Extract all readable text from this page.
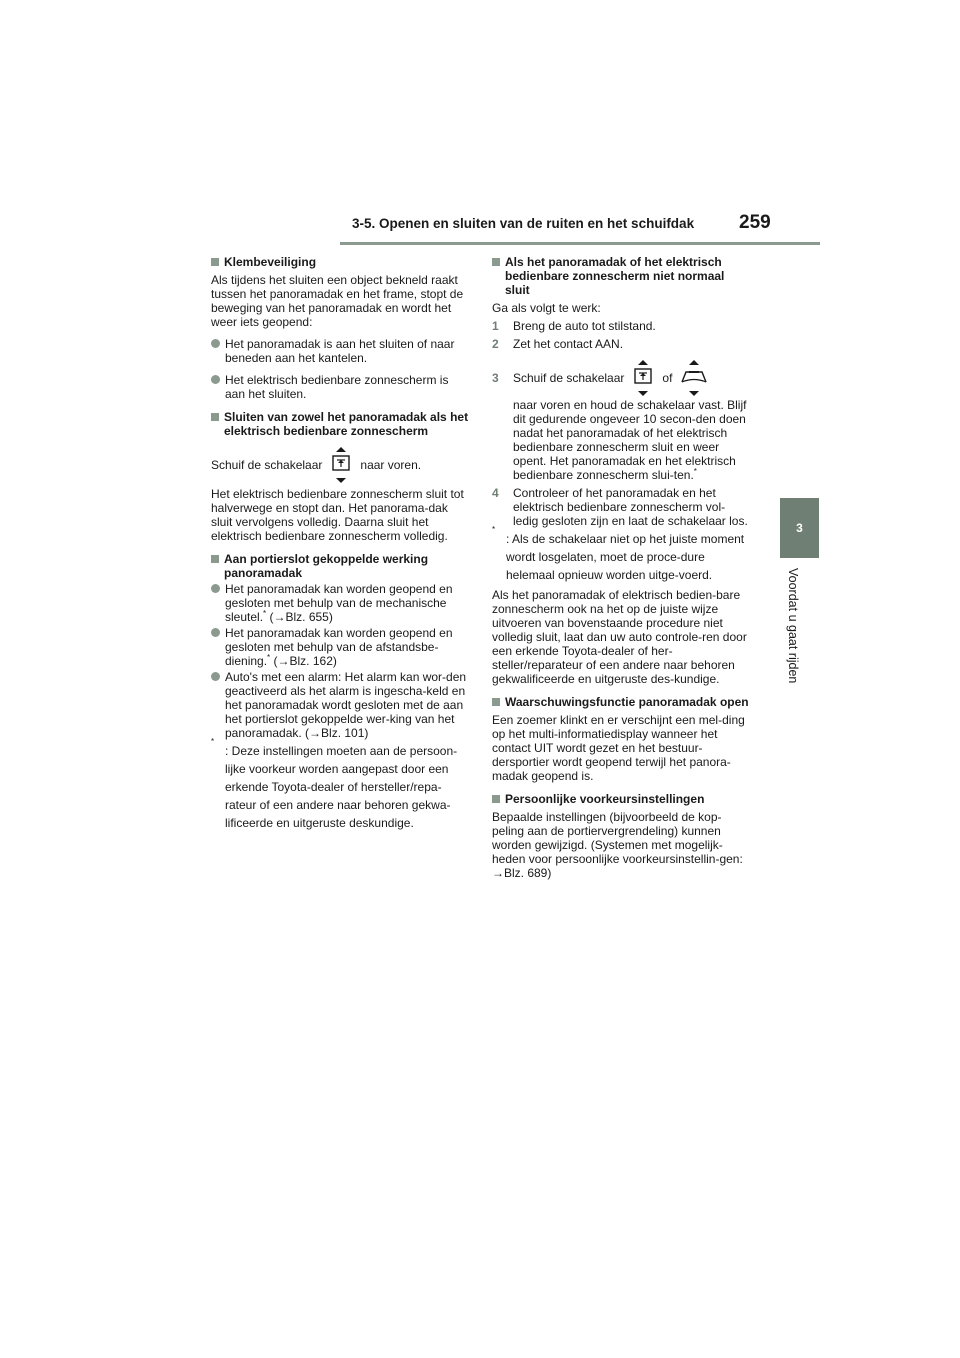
3-5. Openen en sluiten van de ruiten en het schuifdak 259
3
Voordat u gaat rijden
Klembeveiliging

Als tijdens het sluiten een object bekneld raakt tussen het panoramadak en het frame, stopt de beweging van het panoramadak en wordt het weer iets geopend:

Het panoramadak is aan het sluiten of naar beneden aan het kantelen.
Het elektrisch bedienbare zonnescherm is aan het sluiten.
Sluiten van zowel het panoramadak als het elektrisch bedienbare zonnescherm
Schuif de schakelaar	naar voren.

Het elektrisch bedienbare zonnescherm sluit tot halverwege en stopt dan. Het panorama-dak sluit vervolgens volledig. Daarna sluit het elektrisch bedienbare zonnescherm volledig.

Aan portierslot gekoppelde werking panoramadak
Het panoramadak kan worden geopend en gesloten met behulp van de mechanische sleutel.* (→Blz. 655)
Het panoramadak kan worden geopend en gesloten met behulp van de afstandsbe-diening.* (→Blz. 162)
Auto's met een alarm: Het alarm kan wor-den geactiveerd als het alarm is ingescha-keld en het panoramadak wordt gesloten met de aan het portierslot gekoppelde wer-king van het panoramadak. (→Blz. 101)
*
: Deze instellingen moeten aan de persoon-lijke voorkeur worden aangepast door een erkende Toyota-dealer of hersteller/repa-rateur of een andere naar behoren gekwa-lificeerde en uitgeruste deskundige.
Als het panoramadak of het elektrisch bedienbare zonnescherm niet normaal sluit

Ga als volgt te werk:

1	Breng de auto tot stilstand.
2	Zet het contact AAN.
3	Schuif de schakelaar	of
naar voren en houd de schakelaar vast. Blijf dit gedurende ongeveer 10 secon-den doen nadat het panoramadak of het elektrisch bedienbare zonnescherm sluit en weer opent. Het panoramadak en het elektrisch bedienbare zonnescherm slui-ten.*
4	Controleer of het panoramadak en het elektrisch bedienbare zonnescherm vol-ledig gesloten zijn en laat de schakelaar los.
*
: Als de schakelaar niet op het juiste moment wordt losgelaten, moet de proce-dure helemaal opnieuw worden uitge-voerd.

Als het panoramadak of elektrisch bedien-bare zonnescherm ook na het op de juiste wijze uitvoeren van bovenstaande procedure niet volledig sluit, laat dan uw auto controle-ren door een erkende Toyota-dealer of her-steller/reparateur of een andere naar behoren gekwalificeerde en uitgeruste des-kundige.

Waarschuwingsfunctie panoramadak open

Een zoemer klinkt en er verschijnt een mel-ding op het multi-informatiedisplay wanneer het contact UIT wordt gezet en het bestuur-dersportier wordt geopend terwijl het panora-madak geopend is.

Persoonlijke voorkeursinstellingen

Bepaalde instellingen (bijvoorbeeld de kop-peling aan de portiervergrendeling) kunnen worden gewijzigd. (Systemen met mogelijk-heden voor persoonlijke voorkeursinstellin-gen: →Blz. 689)
